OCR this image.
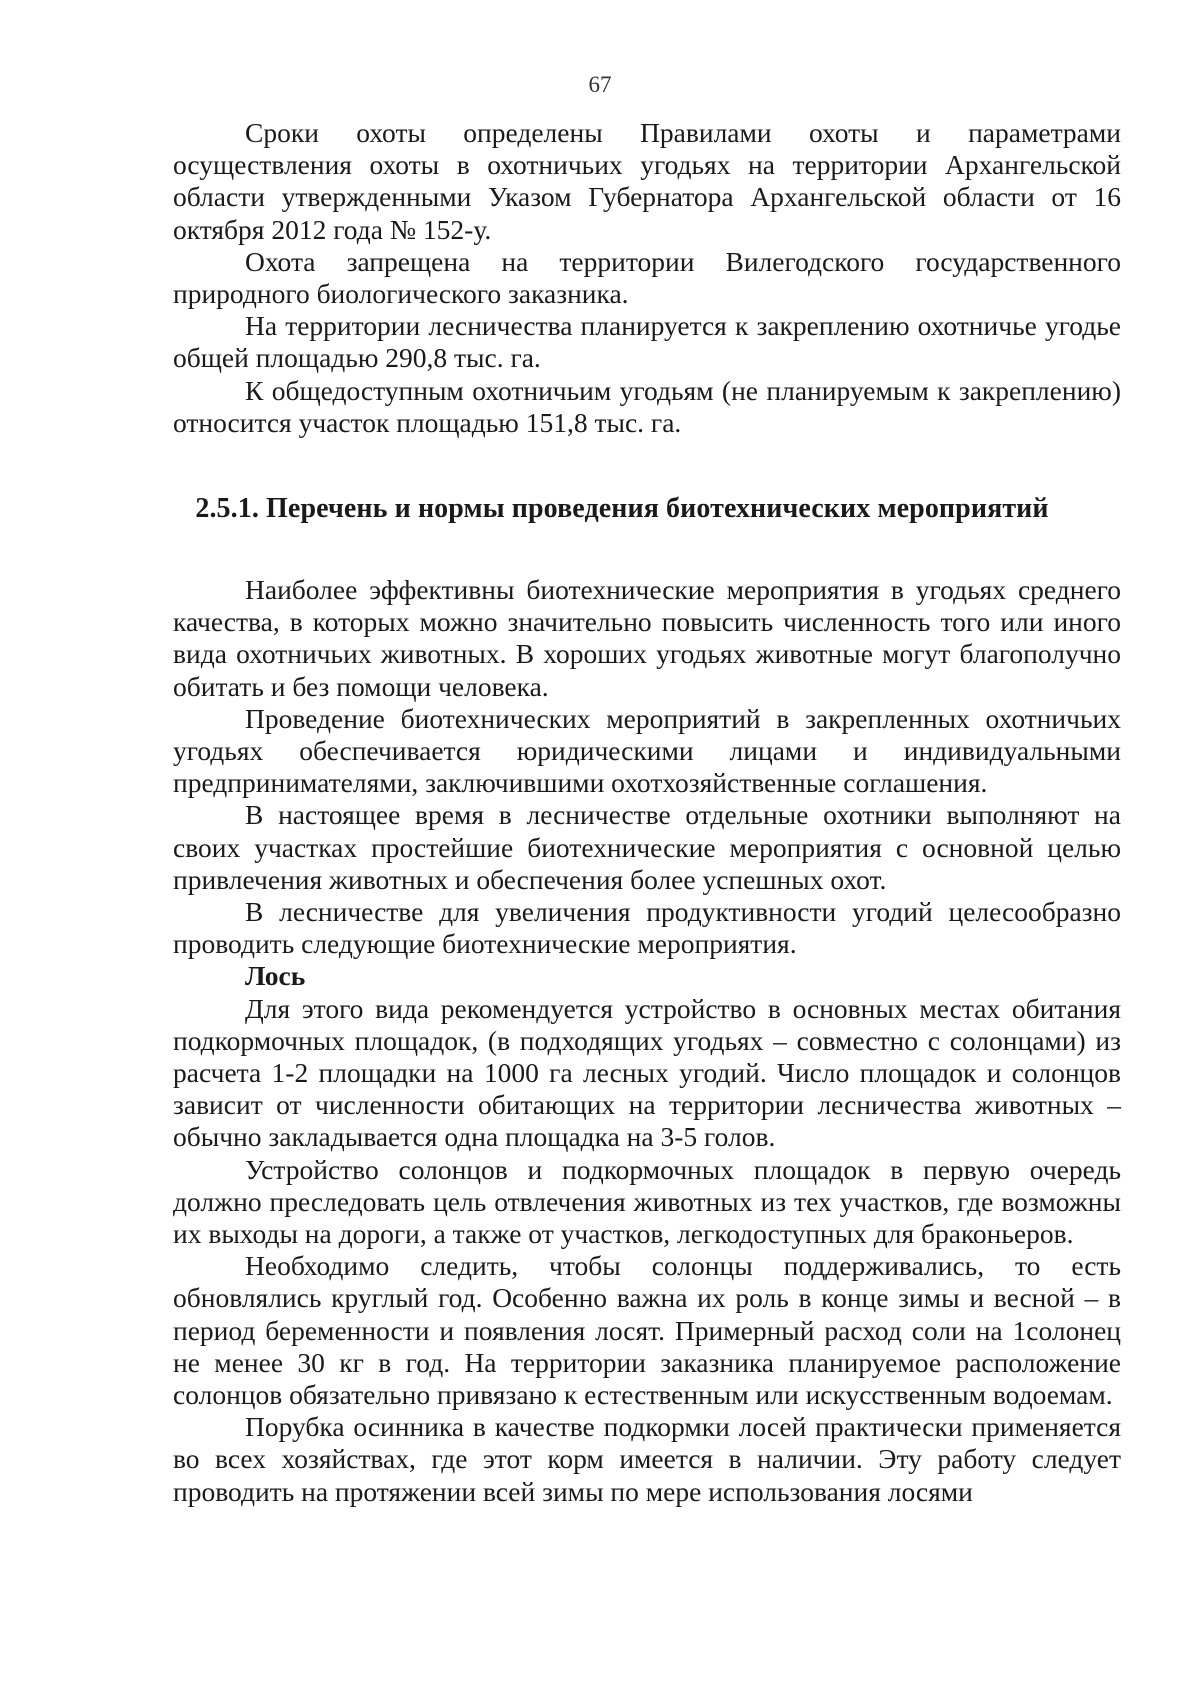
67

Сроки охоты определены Правилами охоты и параметрами осуществления охоты в охотничьих угодьях на территории Архангельской области утвержденными Указом Губернатора Архангельской области от 16 октября 2012 года № 152-у.

Охота запрещена на территории Вилегодского государственного природного биологического заказника.

На территории лесничества планируется к закреплению охотничье угодье общей площадью 290,8 тыс. га.

К общедоступным охотничьим угодьям (не планируемым к закреплению) относится участок площадью 151,8 тыс. га.

2.5.1. Перечень и нормы проведения биотехнических мероприятий

Наиболее эффективны биотехнические мероприятия в угодьях среднего качества, в которых можно значительно повысить численность того или иного вида охотничьих животных. В хороших угодьях животные могут благополучно обитать и без помощи человека.

Проведение биотехнических мероприятий в закрепленных охотничьих угодьях обеспечивается юридическими лицами и индивидуальными предпринимателями, заключившими охотхозяйственные соглашения.

В настоящее время в лесничестве отдельные охотники выполняют на своих участках простейшие биотехнические мероприятия с основной целью привлечения животных и обеспечения более успешных охот.

В лесничестве для увеличения продуктивности угодий целесообразно проводить следующие биотехнические мероприятия.

Лось

Для этого вида рекомендуется устройство в основных местах обитания подкормочных площадок, (в подходящих угодьях – совместно с солонцами) из расчета 1-2 площадки на 1000 га лесных угодий. Число площадок и солонцов зависит от численности обитающих на территории лесничества животных – обычно закладывается одна площадка на 3-5 голов.

Устройство солонцов и подкормочных площадок в первую очередь должно преследовать цель отвлечения животных из тех участков, где возможны их выходы на дороги, а также от участков, легкодоступных для браконьеров.

Необходимо следить, чтобы солонцы поддерживались, то есть обновлялись круглый год. Особенно важна их роль в конце зимы и весной – в период беременности и появления лосят. Примерный расход соли на 1солонец не менее 30 кг в год. На территории заказника планируемое расположение солонцов обязательно привязано к естественным или искусственным водоемам.

Порубка осинника в качестве подкормки лосей практически применяется во всех хозяйствах, где этот корм имеется в наличии. Эту работу следует проводить на протяжении всей зимы по мере использования лосями
